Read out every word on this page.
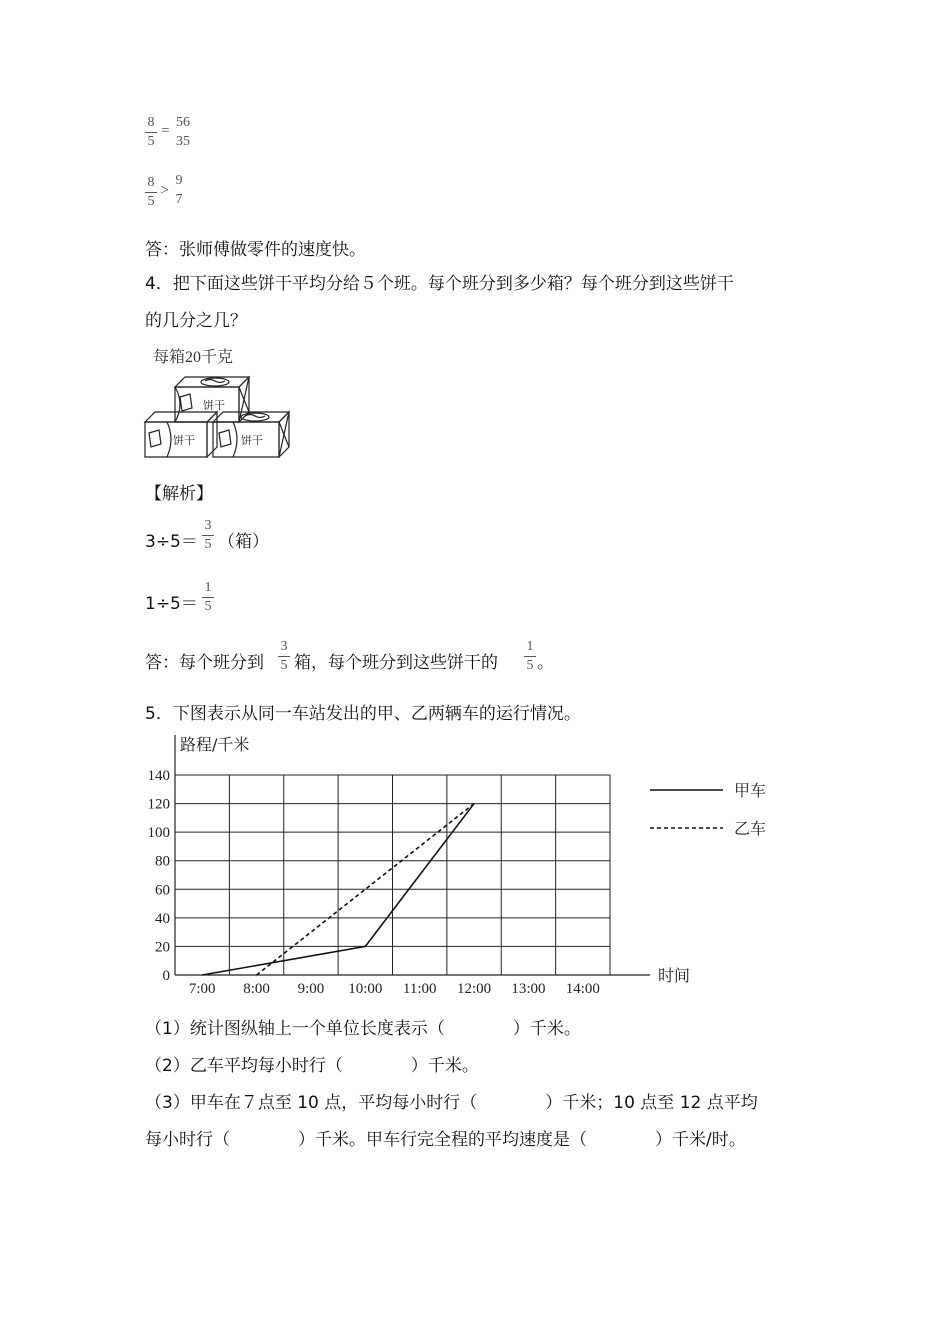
8
5
=
56
35
8
5
>
9
7
答：张师傅做零件的速度快。
4．把下面这些饼干平均分给５个班。每个班分到多少箱？每个班分到这些饼干
的几分之几？
每箱20千克
饼干
饼干	饼干
【解析】
3÷5＝
3
5 （箱）
1÷5＝
1
5
答：每个班分到
3
5 箱，每个班分到这些饼干的
1
5 。
5．下图表示从同一车站发出的甲、乙两辆车的运行情况。
0
20
40
60
80
100
120
140
7:00 8:00 9:00 10:00 11:00 12:00 13:00 14:00
甲车
乙车
路程/千米
时间
（1）统计图纵轴上一个单位长度表示（　　　　）千米。
（2）乙车平均每小时行（　　　　）千米。
（3）甲车在７点至 10 点，平均每小时行（　　　　）千米；10 点至 12 点平均
每小时行（　　　　）千米。甲车行完全程的平均速度是（　　　　）千米/时。
